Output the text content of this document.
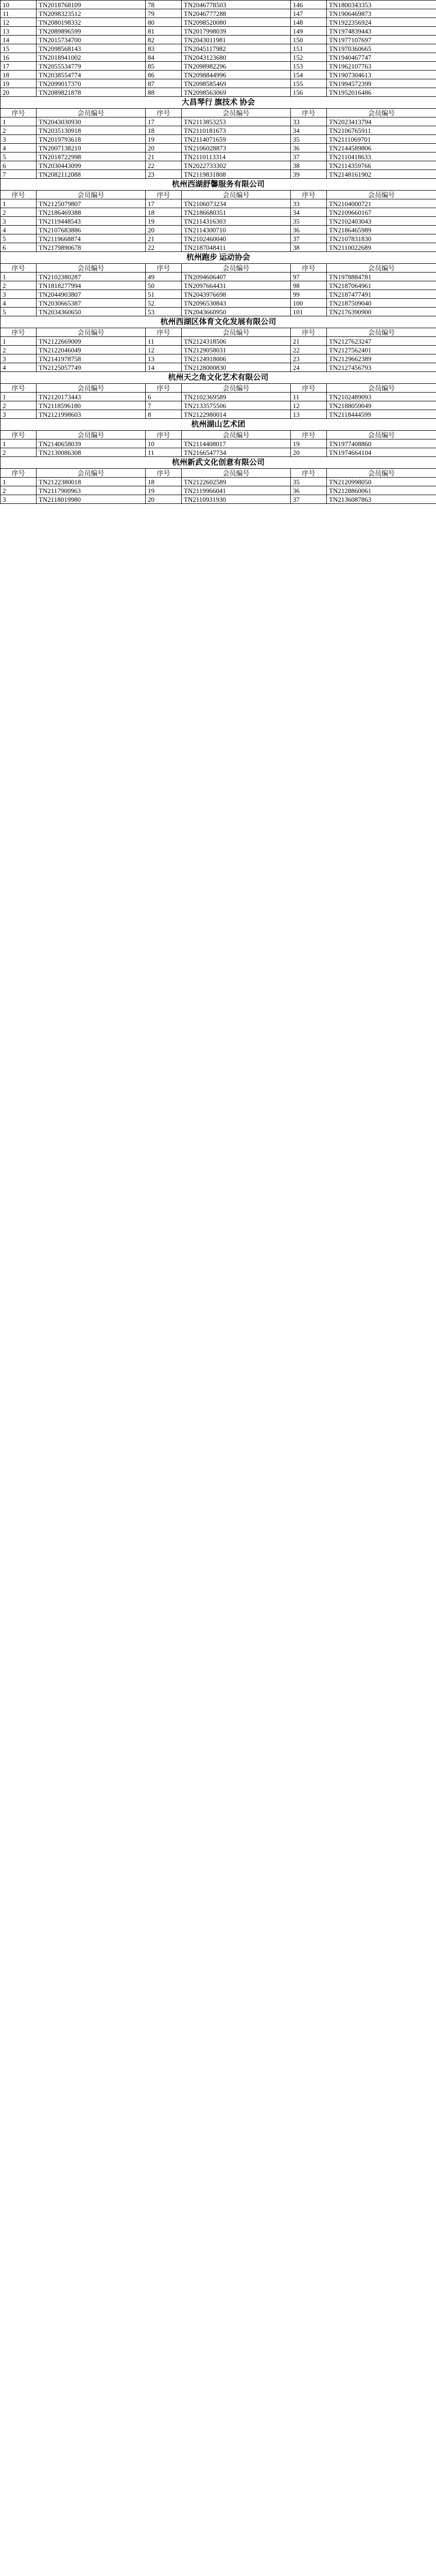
10	TN2018768109	78	TN2046778503	146	TN1800343353
11	TN2098323512	79	TN2046777288	147	TN1906469873
12	TN2080198332	80	TN2098520080	148	TN1922356924
13	TN2089896599	81	TN2017998039	149	TN1974839443
14	TN2015734700	82	TN2043011981	150	TN1977107697
15	TN2098568143	83	TN2045117982	151	TN1970360665
16	TN2018941002	84	TN2043123680	152	TN1940467747
17	TN2055534779	85	TN2098982296	153	TN1962107763
18	TN2038554774	86	TN2098844996	154	TN1907304613
19	TN2099017370	87	TN2098585469	155	TN1994572399
20	TN2089821878	88	TN2098563069	156	TN1952016486
大昌琴行 旗技术 协会					
序号	会员编号	序号	会员编号	序号	会员编号
1	TN2043030930	17	TN2113853253	33	TN2023413794
2	TN2035130918	18	TN2110181673	34	TN2106765911
3	TN2019793618	19	TN2114071659	35	TN2111069701
4	TN2007138210	20	TN2106028873	36	TN2144589806
5	TN2018722998	21	TN2110113314	37	TN2110418633
6	TN2030443099	22	TN2022733302	38	TN2114359766
7	TN2082112088	23	TN2119831808	39	TN2148161902
杭州西湖舒馨服务有限公司					
序号	会员编号	序号	会员编号	序号	会员编号
1	TN2125079807	17	TN2106073234	33	TN2104000721
2	TN2186469388	18	TN2186680351	34	TN2109660167
3	TN2119448543	19	TN2114316303	35	TN2102403043
4	TN2107683886	20	TN2114300710	36	TN2186465989
5	TN2119668874	21	TN2102460040	37	TN2107831830
6	TN2179890678	22	TN2187048411	38	TN2110022689
杭州跑步 运动协会					
序号	会员编号	序号	会员编号	序号	会员编号
1	TN2102380287	49	TN2094606407	97	TN1978884781
2	TN1818277994	50	TN2097664431	98	TN2187064961
3	TN2044903807	51	TN2043976698	99	TN2187477491
4	TN2030665387	52	TN2096530843	100	TN2187509040
5	TN2034360650	53	TN2043660950	101	TN2176390900
杭州西湖区体育文化发展有限公司					
序号	会员编号	序号	会员编号	序号	会员编号
1	TN2122669009	11	TN2124318506	21	TN2127623247
2	TN2122046049	12	TN2129058031	22	TN2127562401
3	TN2141978758	13	TN2124918006	23	TN2129662389
4	TN2125057749	14	TN2128000830	24	TN2127456793
杭州天之角文化艺术有限公司					
序号	会员编号	序号	会员编号	序号	会员编号
1	TN2120173443	6	TN2102369589	11	TN2102489093
2	TN2118596180	7	TN2133575506	12	TN2188059049
3	TN2121998603	8	TN2122980014	13	TN2118444599
杭州湖山艺术团					
序号	会员编号	序号	会员编号	序号	会员编号
1	TN2140658039	10	TN2114408017	19	TN1977408860
2	TN2130086308	11	TN2166547734	20	TN1974664104
杭州新武文化创意有限公司					
序号	会员编号	序号	会员编号	序号	会员编号
1	TN2122380018	18	TN2122602589	35	TN2120998050
2	TN2117900963	19	TN2119966041	36	TN2128860061
3	TN2118019980	20	TN2110931930	37	TN2136087863
